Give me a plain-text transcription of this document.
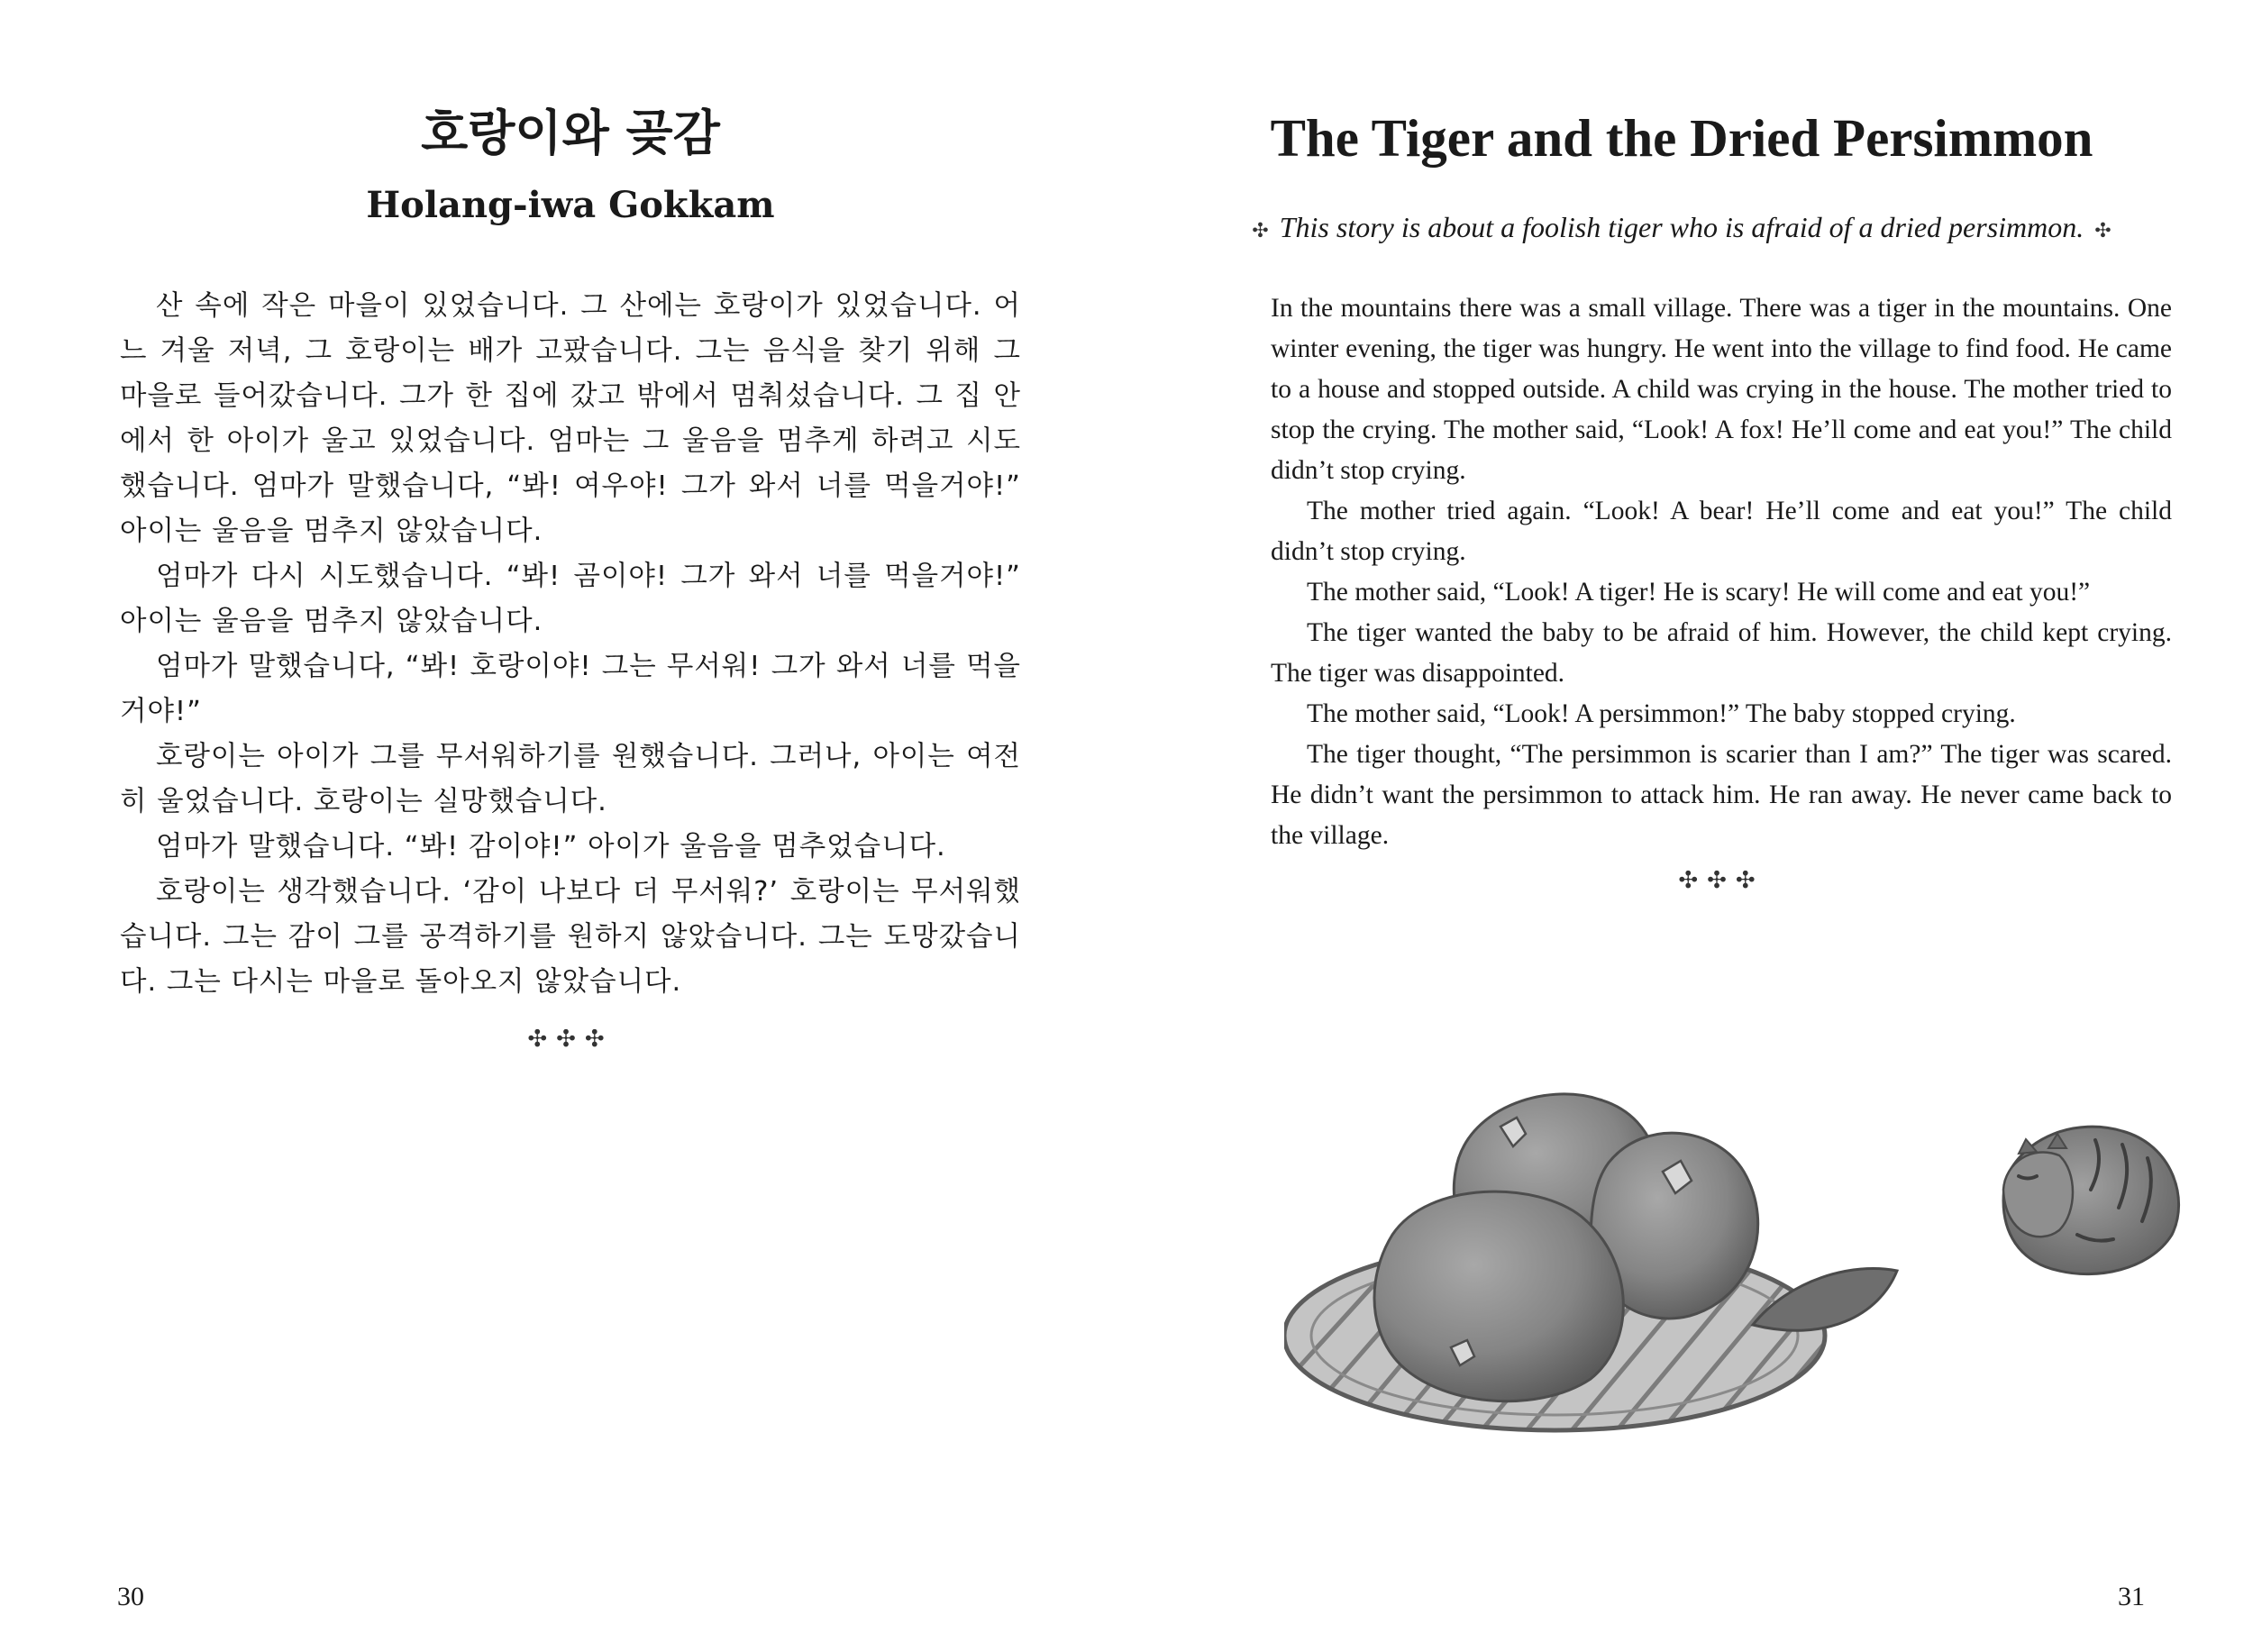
호랑이와 곶감
Holang-iwa Gokkam

산 속에 작은 마을이 있었습니다. 그 산에는 호랑이가 있었습니다. 어느 겨울 저녁, 그 호랑이는 배가 고팠습니다. 그는 음식을 찾기 위해 그 마을로 들어갔습니다. 그가 한 집에 갔고 밖에서 멈춰섰습니다. 그 집 안에서 한 아이가 울고 있었습니다. 엄마는 그 울음을 멈추게 하려고 시도했습니다. 엄마가 말했습니다, “봐! 여우야! 그가 와서 너를 먹을거야!” 아이는 울음을 멈추지 않았습니다.

엄마가 다시 시도했습니다. “봐! 곰이야! 그가 와서 너를 먹을거야!” 아이는 울음을 멈추지 않았습니다.

엄마가 말했습니다, “봐! 호랑이야! 그는 무서워! 그가 와서 너를 먹을거야!”

호랑이는 아이가 그를 무서워하기를 원했습니다. 그러나, 아이는 여전히 울었습니다. 호랑이는 실망했습니다.

엄마가 말했습니다. “봐! 감이야!” 아이가 울음을 멈추었습니다.

호랑이는 생각했습니다. ‘감이 나보다 더 무서워?’ 호랑이는 무서워했습니다. 그는 감이 그를 공격하기를 원하지 않았습니다. 그는 도망갔습니다. 그는 다시는 마을로 돌아오지 않았습니다.

✣✣✣
30
The Tiger and the Dried Persimmon
✣ This story is about a foolish tiger who is afraid of a dried persimmon. ✣

In the mountains there was a small village. There was a tiger in the mountains. One winter evening, the tiger was hungry. He went into the village to find food. He came to a house and stopped outside. A child was crying in the house. The mother tried to stop the crying. The mother said, “Look! A fox! He’ll come and eat you!” The child didn’t stop crying.

The mother tried again. “Look! A bear! He’ll come and eat you!” The child didn’t stop crying.

The mother said, “Look! A tiger! He is scary! He will come and eat you!”

The tiger wanted the baby to be afraid of him. However, the child kept crying. The tiger was disappointed.

The mother said, “Look! A persimmon!” The baby stopped crying.

The tiger thought, “The persimmon is scarier than I am?” The tiger was scared. He didn’t want the persimmon to attack him. He ran away. He never came back to the village.

31
✣✣✣
